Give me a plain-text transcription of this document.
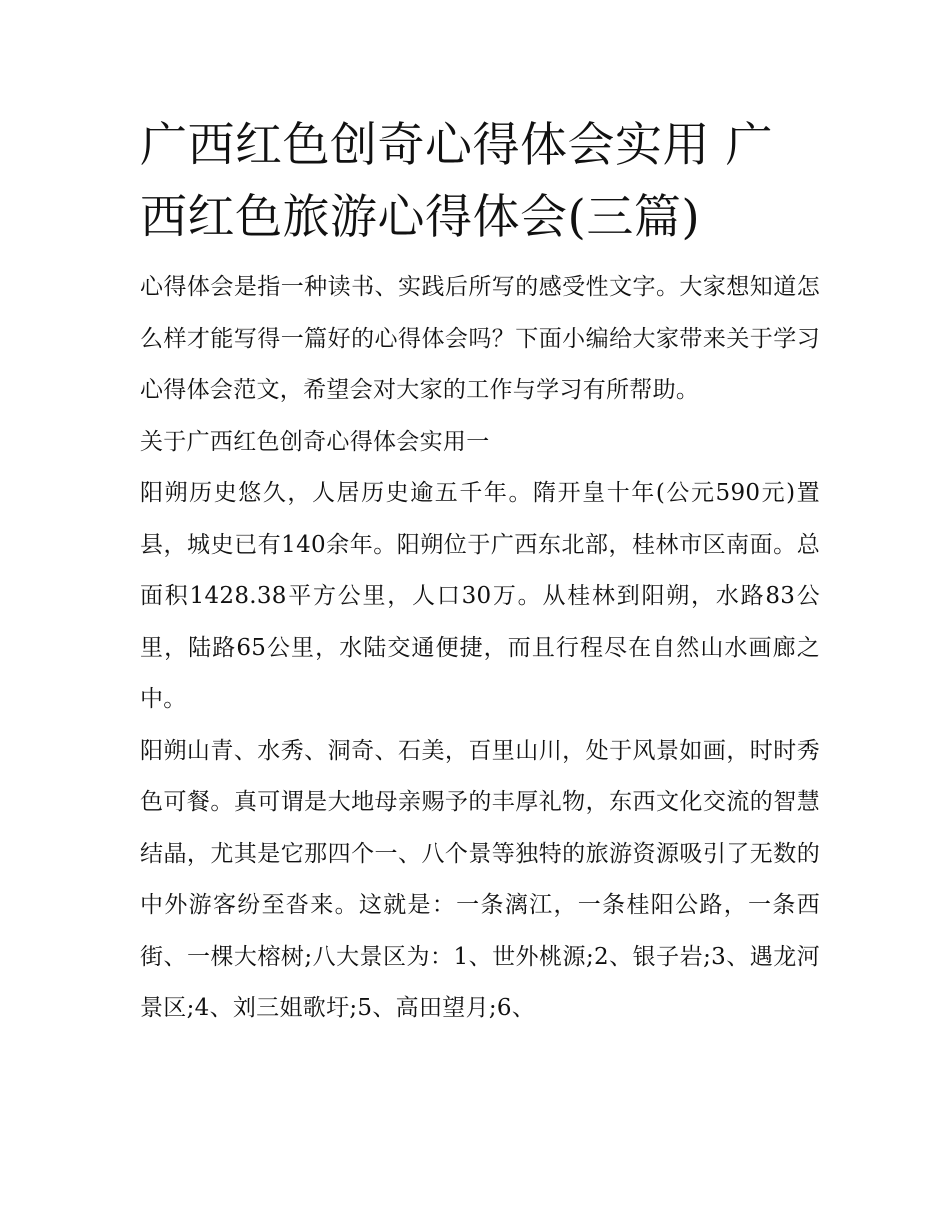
广西红色创奇心得体会实用 广西红色旅游心得体会(三篇)

心得体会是指一种读书、实践后所写的感受性文字。大家想知道怎么样才能写得一篇好的心得体会吗？下面小编给大家带来关于学习心得体会范文，希望会对大家的工作与学习有所帮助。

关于广西红色创奇心得体会实用一

阳朔历史悠久，人居历史逾五千年。隋开皇十年(公元590元)置县，城史已有140余年。阳朔位于广西东北部，桂林市区南面。总面积1428.38平方公里，人口30万。从桂林到阳朔，水路83公里，陆路65公里，水陆交通便捷，而且行程尽在自然山水画廊之中。

阳朔山青、水秀、洞奇、石美，百里山川，处于风景如画，时时秀色可餐。真可谓是大地母亲赐予的丰厚礼物，东西文化交流的智慧结晶，尤其是它那四个一、八个景等独特的旅游资源吸引了无数的中外游客纷至沓来。这就是：一条漓江，一条桂阳公路，一条西街、一棵大榕树;八大景区为：1、世外桃源;2、银子岩;3、遇龙河景区;4、刘三姐歌圩;5、高田望月;6、
